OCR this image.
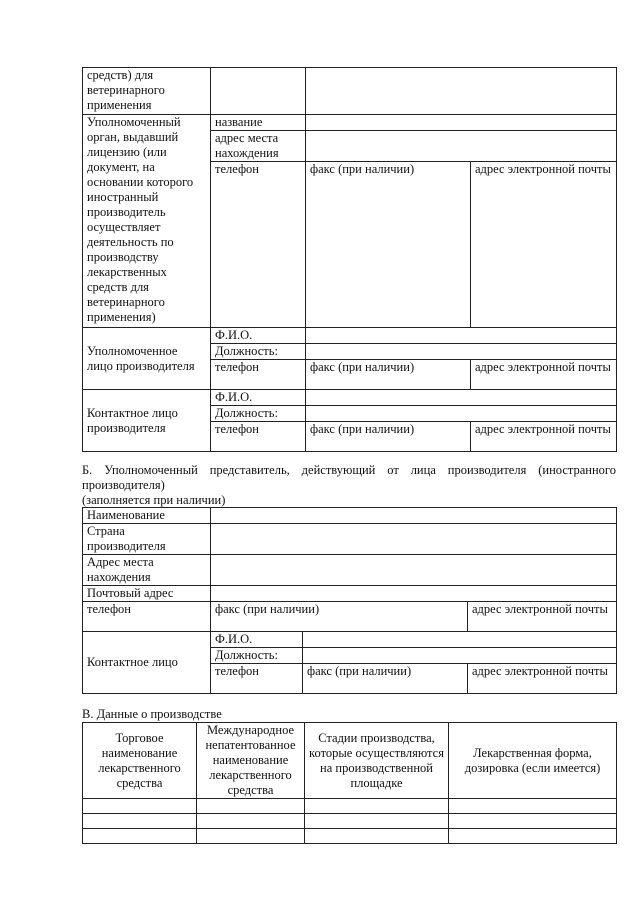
средств) для ветеринарного применения			
Уполномоченный орган, выдавший лицензию (или документ, на основании которого иностранный производитель осуществляет деятельность по производству лекарственных средств для ветеринарного применения)	название		
	адрес места нахождения		
	телефон	факс (при наличии)	адрес электронной почты
Уполномоченное лицо производителя	Ф.И.О.		
	Должность:		
	телефон	факс (при наличии)	адрес электронной почты
Контактное лицо производителя	Ф.И.О.		
	Должность:		
	телефон	факс (при наличии)	адрес электронной почты
Б. Уполномоченный представитель, действующий от лица производителя (иностранного производителя)
(заполняется при наличии)
Наименование			
Страна производителя			
Адрес места нахождения			
Почтовый адрес			
телефон	факс (при наличии)		адрес электронной почты
Контактное лицо	Ф.И.О.		
	Должность:		
	телефон	факс (при наличии)	адрес электронной почты
В. Данные о производстве
Торговое наименование лекарственного средства	Международное непатентованное наименование лекарственного средства	Стадии производства, которые осуществляются на производственной площадке	Лекарственная форма, дозировка (если имеется)
